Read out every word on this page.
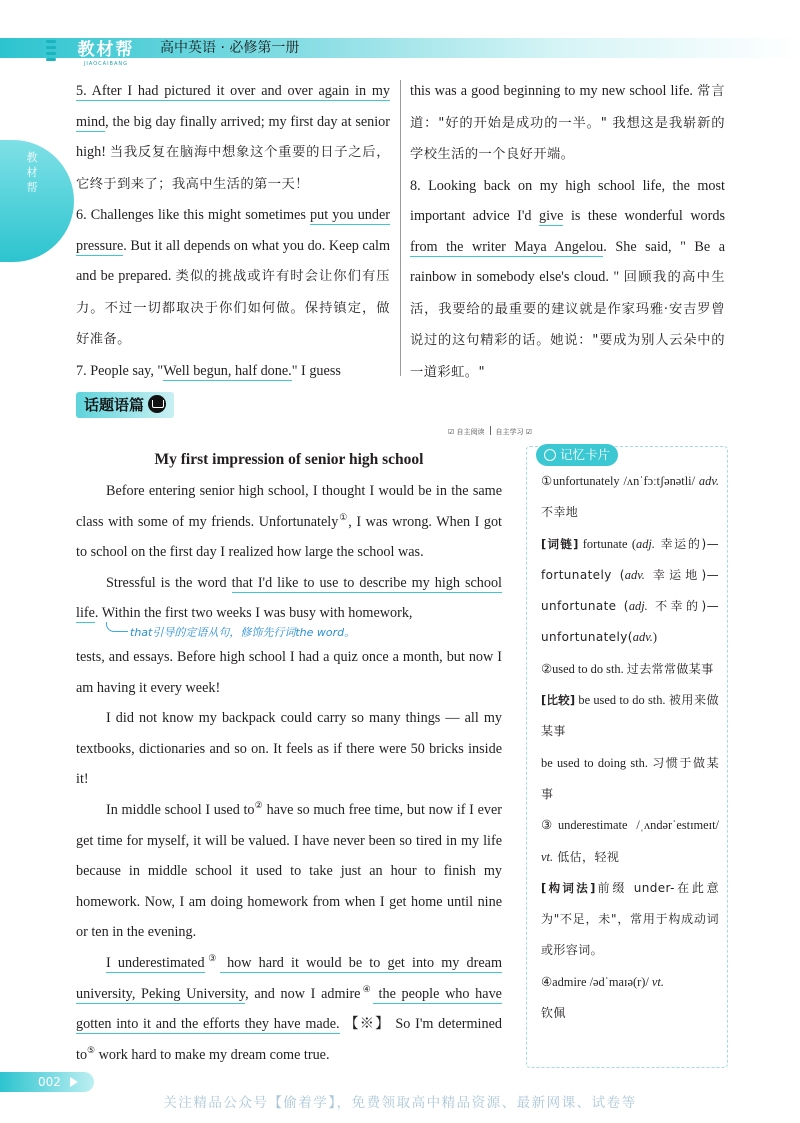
教材帮
JIAOCAIBANG
高中英语 · 必修第一册
教材帮

5. After I had pictured it over and over again in my mind, the big day finally arrived; my first day at senior high! 当我反复在脑海中想象这个重要的日子之后，它终于到来了；我高中生活的第一天！

6. Challenges like this might sometimes put you under pressure. But it all depends on what you do. Keep calm and be prepared. 类似的挑战或许有时会让你们有压力。不过一切都取决于你们如何做。保持镇定，做好准备。

7. People say, "Well begun, half done." I guess

this was a good beginning to my new school life. 常言道："好的开始是成功的一半。" 我想这是我崭新的学校生活的一个良好开端。

8. Looking back on my high school life, the most important advice I'd give is these wonderful words from the writer Maya Angelou. She said, " Be a rainbow in somebody else's cloud. " 回顾我的高中生活，我要给的最重要的建议就是作家玛雅·安吉罗曾说过的这句精彩的话。她说："要成为别人云朵中的一道彩虹。"

话题语篇
☑ 自主阅读 自主学习 ☑
My first impression of senior high school

Before entering senior high school, I thought I would be in the same class with some of my friends. Unfortunately①, I was wrong. When I got to school on the first day I realized how large the school was.

Stressful is the word that I'd like to use to describe my high school life. Within the first two weeks I was busy with homework,

that引导的定语从句，修饰先行词the word。

tests, and essays. Before high school I had a quiz once a month, but now I am having it every week!

I did not know my backpack could carry so many things — all my textbooks, dictionaries and so on. It feels as if there were 50 bricks inside it!

In middle school I used to② have so much free time, but now if I ever get time for myself, it will be valued. I have never been so tired in my life because in middle school it used to take just an hour to finish my homework. Now, I am doing homework from when I get home until nine or ten in the evening.

I underestimated③ how hard it would be to get into my dream university, Peking University, and now I admire④ the people who have gotten into it and the efforts they have made. 【※】 So I'm determined to⑤ work hard to make my dream come true.

记忆卡片
①unfortunately /ʌnˈfɔːtʃənətli/ adv. 不幸地
[词链] fortunate (adj. 幸运的)—fortunately (adv. 幸运地)—unfortunate (adj. 不幸的)—unfortunately(adv.)
②used to do sth. 过去常常做某事
[比较] be used to do sth. 被用来做某事
be used to doing sth. 习惯于做某事
③underestimate /ˌʌndərˈestɪmeɪt/ vt. 低估，轻视
[构词法]前缀 under-在此意为"不足，未"，常用于构成动词或形容词。
④admire /ədˈmaɪə(r)/ vt.
钦佩
002
关注精品公众号【偷着学】，免费领取高中精品资源、最新网课、试卷等
